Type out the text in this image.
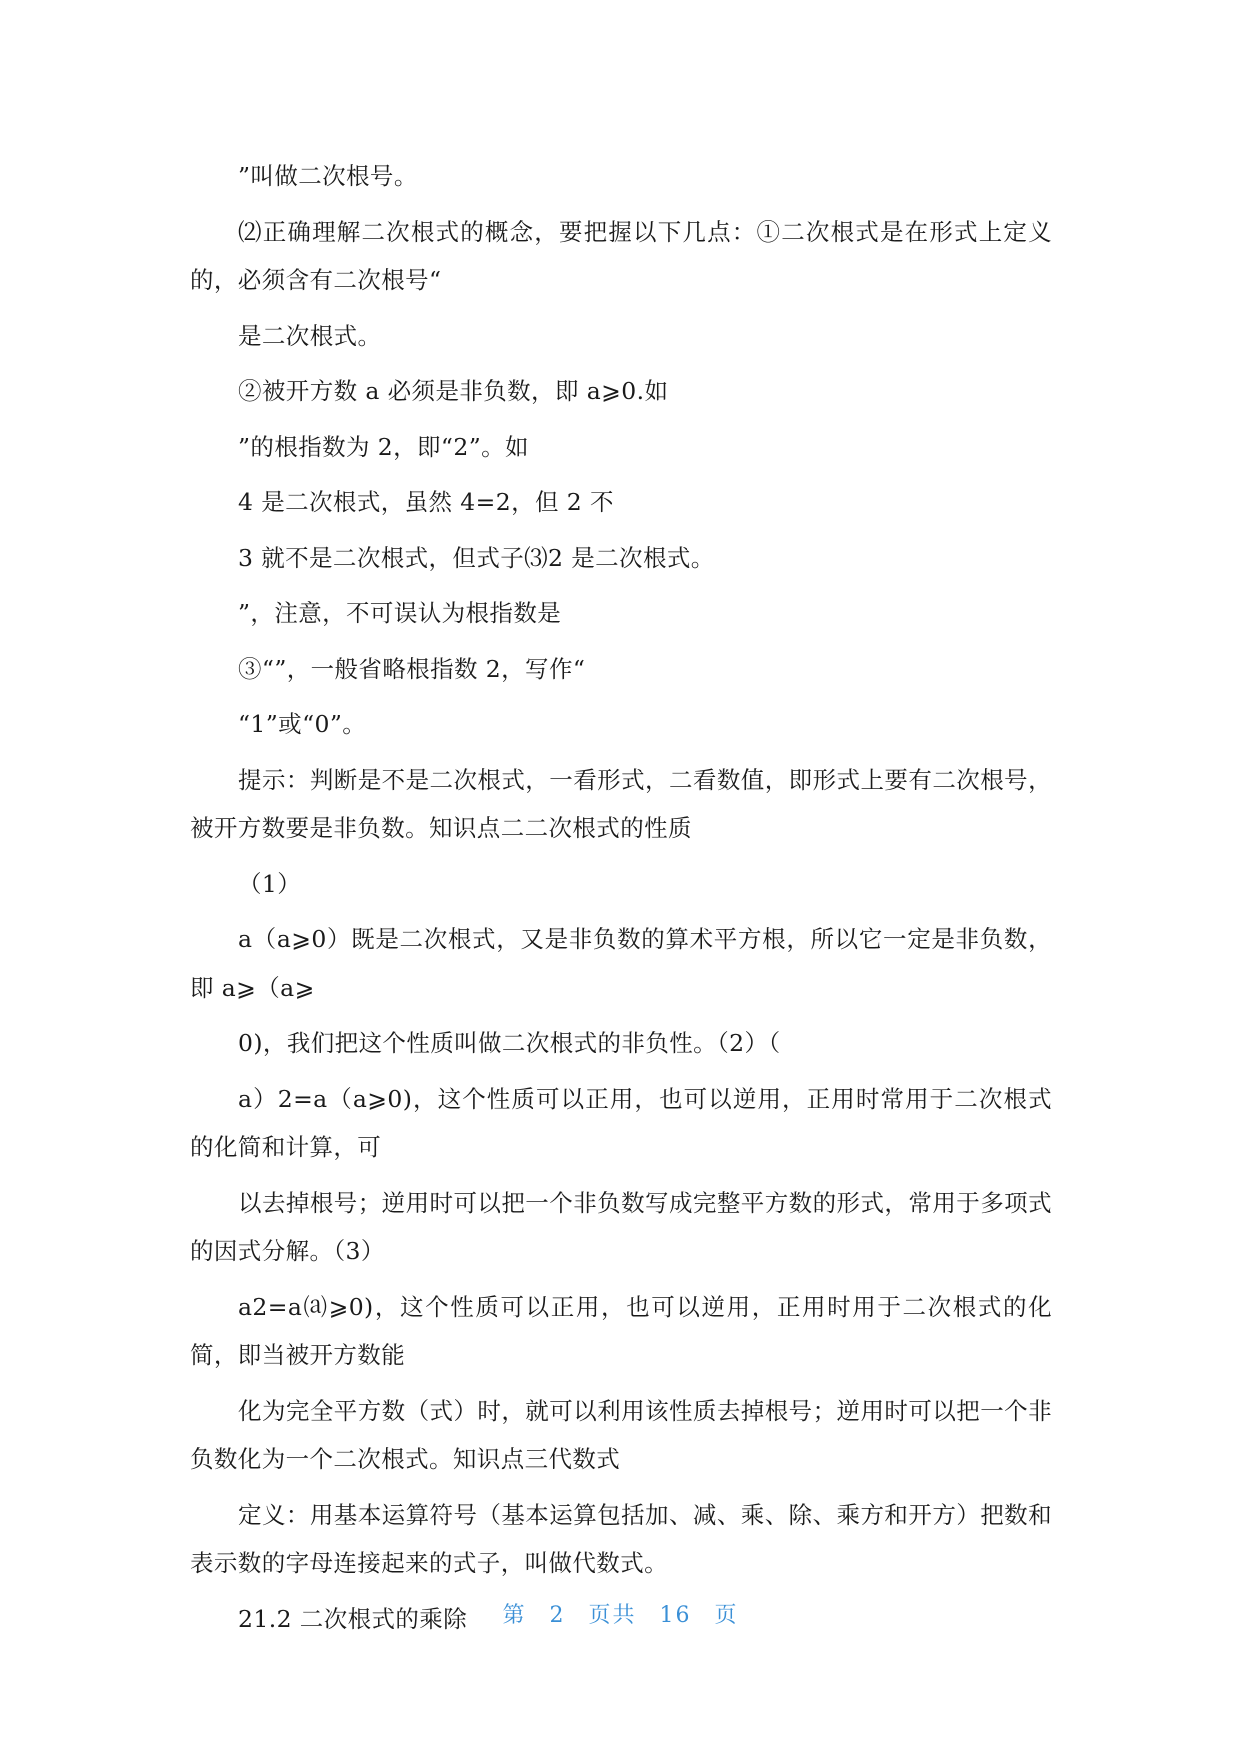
”叫做二次根号。

⑵正确理解二次根式的概念，要把握以下几点：①二次根式是在形式上定义的，必须含有二次根号“

是二次根式。

②被开方数 a 必须是非负数，即 a⩾0.如

”的根指数为 2，即“2”。如

4 是二次根式，虽然 4=2，但 2 不

3 就不是二次根式，但式子⑶2 是二次根式。

”，注意，不可误认为根指数是

③“”，一般省略根指数 2，写作“

“1”或“0”。

提示：判断是不是二次根式，一看形式，二看数值，即形式上要有二次根号，被开方数要是非负数。知识点二二次根式的性质

（1）

a（a⩾0）既是二次根式，又是非负数的算术平方根，所以它一定是非负数，即 a⩾（a⩾

0)，我们把这个性质叫做二次根式的非负性。（2）（

a）2=a（a⩾0)，这个性质可以正用，也可以逆用，正用时常用于二次根式的化简和计算，可

以去掉根号；逆用时可以把一个非负数写成完整平方数的形式，常用于多项式的因式分解。（3）

a2=a⒜⩾0)，这个性质可以正用，也可以逆用，正用时用于二次根式的化简，即当被开方数能

化为完全平方数（式）时，就可以利用该性质去掉根号；逆用时可以把一个非负数化为一个二次根式。知识点三代数式

定义：用基本运算符号（基本运算包括加、减、乘、除、乘方和开方）把数和表示数的字母连接起来的式子，叫做代数式。

21.2 二次根式的乘除	第 2 页共 16 页
